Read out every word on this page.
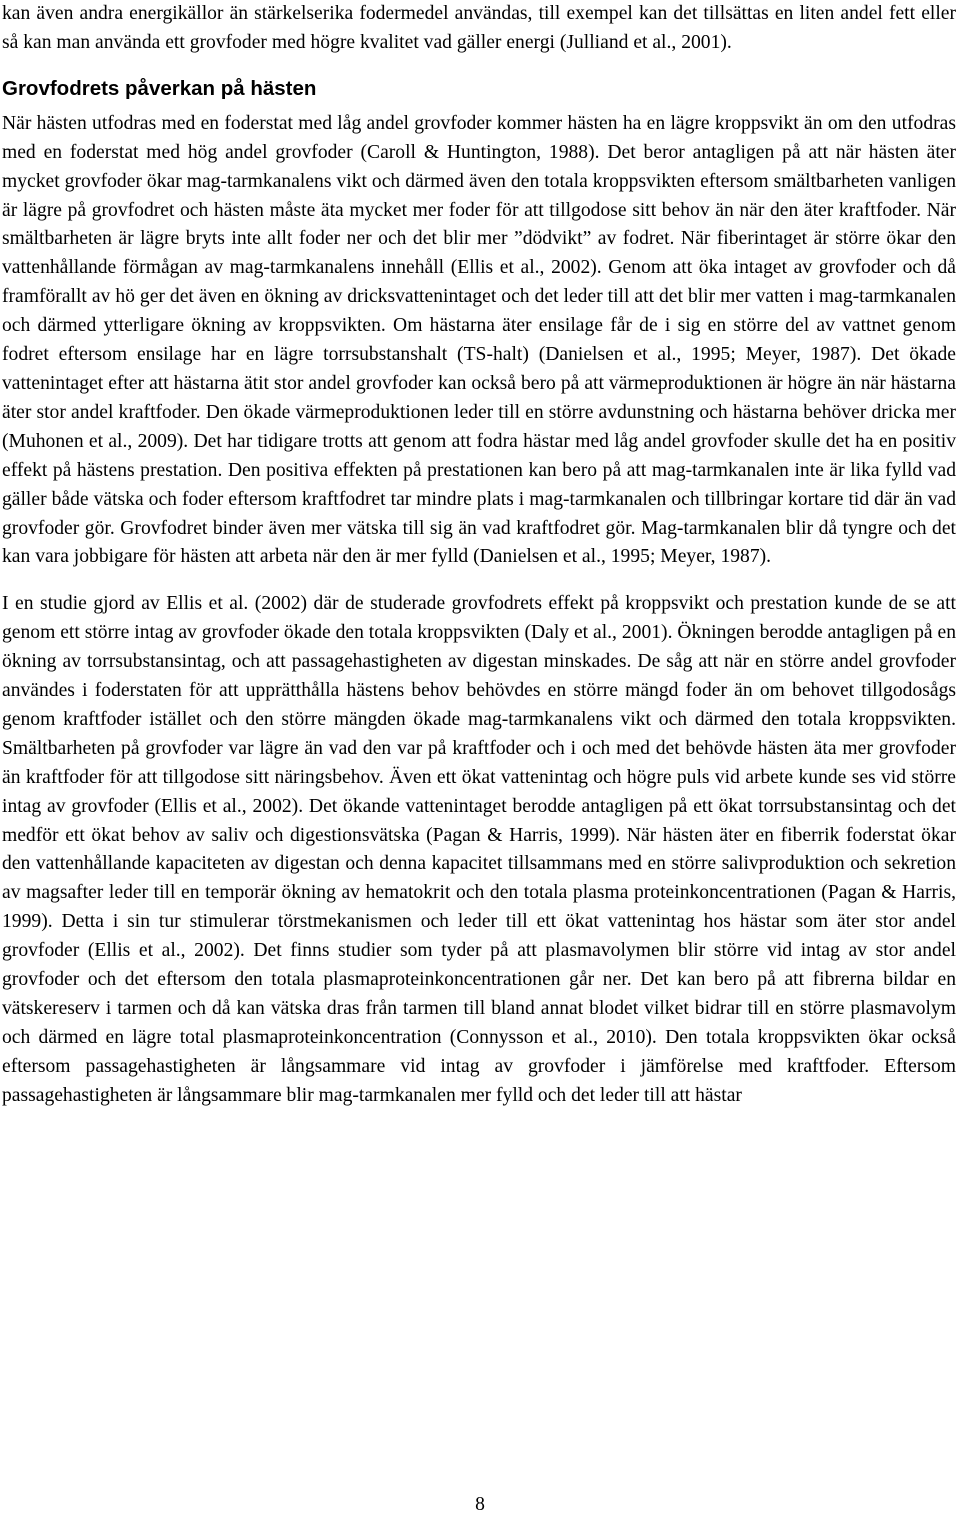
kan även andra energikällor än stärkelserika fodermedel användas, till exempel kan det tillsättas en liten andel fett eller så kan man använda ett grovfoder med högre kvalitet vad gäller energi (Julliand et al., 2001).

Grovfodrets påverkan på hästen

När hästen utfodras med en foderstat med låg andel grovfoder kommer hästen ha en lägre kroppsvikt än om den utfodras med en foderstat med hög andel grovfoder (Caroll & Huntington, 1988). Det beror antagligen på att när hästen äter mycket grovfoder ökar mag-tarmkanalens vikt och därmed även den totala kroppsvikten eftersom smältbarheten vanligen är lägre på grovfodret och hästen måste äta mycket mer foder för att tillgodose sitt behov än när den äter kraftfoder. När smältbarheten är lägre bryts inte allt foder ner och det blir mer ”dödvikt” av fodret. När fiberintaget är större ökar den vattenhållande förmågan av mag-tarmkanalens innehåll (Ellis et al., 2002). Genom att öka intaget av grovfoder och då framförallt av hö ger det även en ökning av dricksvattenintaget och det leder till att det blir mer vatten i mag-tarmkanalen och därmed ytterligare ökning av kroppsvikten. Om hästarna äter ensilage får de i sig en större del av vattnet genom fodret eftersom ensilage har en lägre torrsubstanshalt (TS-halt) (Danielsen et al., 1995; Meyer, 1987). Det ökade vattenintaget efter att hästarna ätit stor andel grovfoder kan också bero på att värmeproduktionen är högre än när hästarna äter stor andel kraftfoder. Den ökade värmeproduktionen leder till en större avdunstning och hästarna behöver dricka mer (Muhonen et al., 2009). Det har tidigare trotts att genom att fodra hästar med låg andel grovfoder skulle det ha en positiv effekt på hästens prestation. Den positiva effekten på prestationen kan bero på att mag-tarmkanalen inte är lika fylld vad gäller både vätska och foder eftersom kraftfodret tar mindre plats i mag-tarmkanalen och tillbringar kortare tid där än vad grovfoder gör. Grovfodret binder även mer vätska till sig än vad kraftfodret gör. Mag-tarmkanalen blir då tyngre och det kan vara jobbigare för hästen att arbeta när den är mer fylld (Danielsen et al., 1995; Meyer, 1987).

I en studie gjord av Ellis et al. (2002) där de studerade grovfodrets effekt på kroppsvikt och prestation kunde de se att genom ett större intag av grovfoder ökade den totala kroppsvikten (Daly et al., 2001). Ökningen berodde antagligen på en ökning av torrsubstansintag, och att passagehastigheten av digestan minskades. De såg att när en större andel grovfoder användes i foderstaten för att upprätthålla hästens behov behövdes en större mängd foder än om behovet tillgodosågs genom kraftfoder istället och den större mängden ökade mag-tarmkanalens vikt och därmed den totala kroppsvikten. Smältbarheten på grovfoder var lägre än vad den var på kraftfoder och i och med det behövde hästen äta mer grovfoder än kraftfoder för att tillgodose sitt näringsbehov. Även ett ökat vattenintag och högre puls vid arbete kunde ses vid större intag av grovfoder (Ellis et al., 2002). Det ökande vattenintaget berodde antagligen på ett ökat torrsubstansintag och det medför ett ökat behov av saliv och digestionsvätska (Pagan & Harris, 1999). När hästen äter en fiberrik foderstat ökar den vattenhållande kapaciteten av digestan och denna kapacitet tillsammans med en större salivproduktion och sekretion av magsafter leder till en temporär ökning av hematokrit och den totala plasma proteinkoncentrationen (Pagan & Harris, 1999). Detta i sin tur stimulerar törstmekanismen och leder till ett ökat vattenintag hos hästar som äter stor andel grovfoder (Ellis et al., 2002). Det finns studier som tyder på att plasmavolymen blir större vid intag av stor andel grovfoder och det eftersom den totala plasmaproteinkoncentrationen går ner. Det kan bero på att fibrerna bildar en vätskereserv i tarmen och då kan vätska dras från tarmen till bland annat blodet vilket bidrar till en större plasmavolym och därmed en lägre total plasmaproteinkoncentration (Connysson et al., 2010). Den totala kroppsvikten ökar också eftersom passagehastigheten är långsammare vid intag av grovfoder i jämförelse med kraftfoder. Eftersom passagehastigheten är långsammare blir mag-tarmkanalen mer fylld och det leder till att hästar

8
